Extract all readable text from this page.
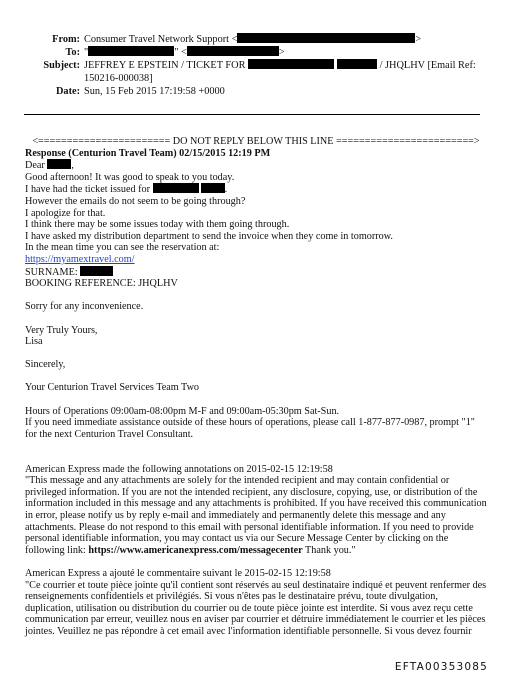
From: Consumer Travel Network Support <	>
To: "	" <	>
Subject: JEFFREY E EPSTEIN / TICKET FOR	/ JHQLHV [Email Ref: 150216-000038]
Date: Sun, 15 Feb 2015 17:19:58 +0000

<======================= DO NOT REPLY BELOW THIS LINE ========================>

Response (Centurion Travel Team) 02/15/2015 12:19 PM

Dear	,

Good afternoon! It was good to speak to you today.

I have had the ticket issued for	.

However the emails do not seem to be going through?

I apologize for that.

I think there may be some issues today with them going through.

I have asked my distribution department to send the invoice when they come in tomorrow.

In the mean time you can see the reservation at:

https://myamextravel.com/

SURNAME:

BOOKING REFERENCE: JHQLHV

Sorry for any inconvenience.

Very Truly Yours,

Lisa

Sincerely,

Your Centurion Travel Services Team Two

Hours of Operations 09:00am-08:00pm M-F and 09:00am-05:30pm Sat-Sun.

If you need immediate assistance outside of these hours of operations, please call 1-877-877-0987, prompt "1" for the next Centurion Travel Consultant.

American Express made the following annotations on 2015-02-15 12:19:58

"This message and any attachments are solely for the intended recipient and may contain confidential or privileged information. If you are not the intended recipient, any disclosure, copying, use, or distribution of the information included in this message and any attachments is prohibited. If you have received this communication in error, please notify us by reply e-mail and immediately and permanently delete this message and any attachments. Please do not respond to this email with personal identifiable information. If you need to provide personal identifiable information, you may contact us via our Secure Message Center by clicking on the following link: https://www.americanexpress.com/messagecenter Thank you."

American Express a ajouté le commentaire suivant le 2015-02-15 12:19:58

"Ce courrier et toute pièce jointe qu'il contient sont réservés au seul destinataire indiqué et peuvent renfermer des renseignements confidentiels et privilégiés. Si vous n'êtes pas le destinataire prévu, toute divulgation, duplication, utilisation ou distribution du courrier ou de toute pièce jointe est interdite. Si vous avez reçu cette communication par erreur, veuillez nous en aviser par courrier et détruire immédiatement le courrier et les pièces jointes. Veuillez ne pas répondre à cet email avec l'information identifiable personnelle. Si vous devez fournir

EFTA00353085
